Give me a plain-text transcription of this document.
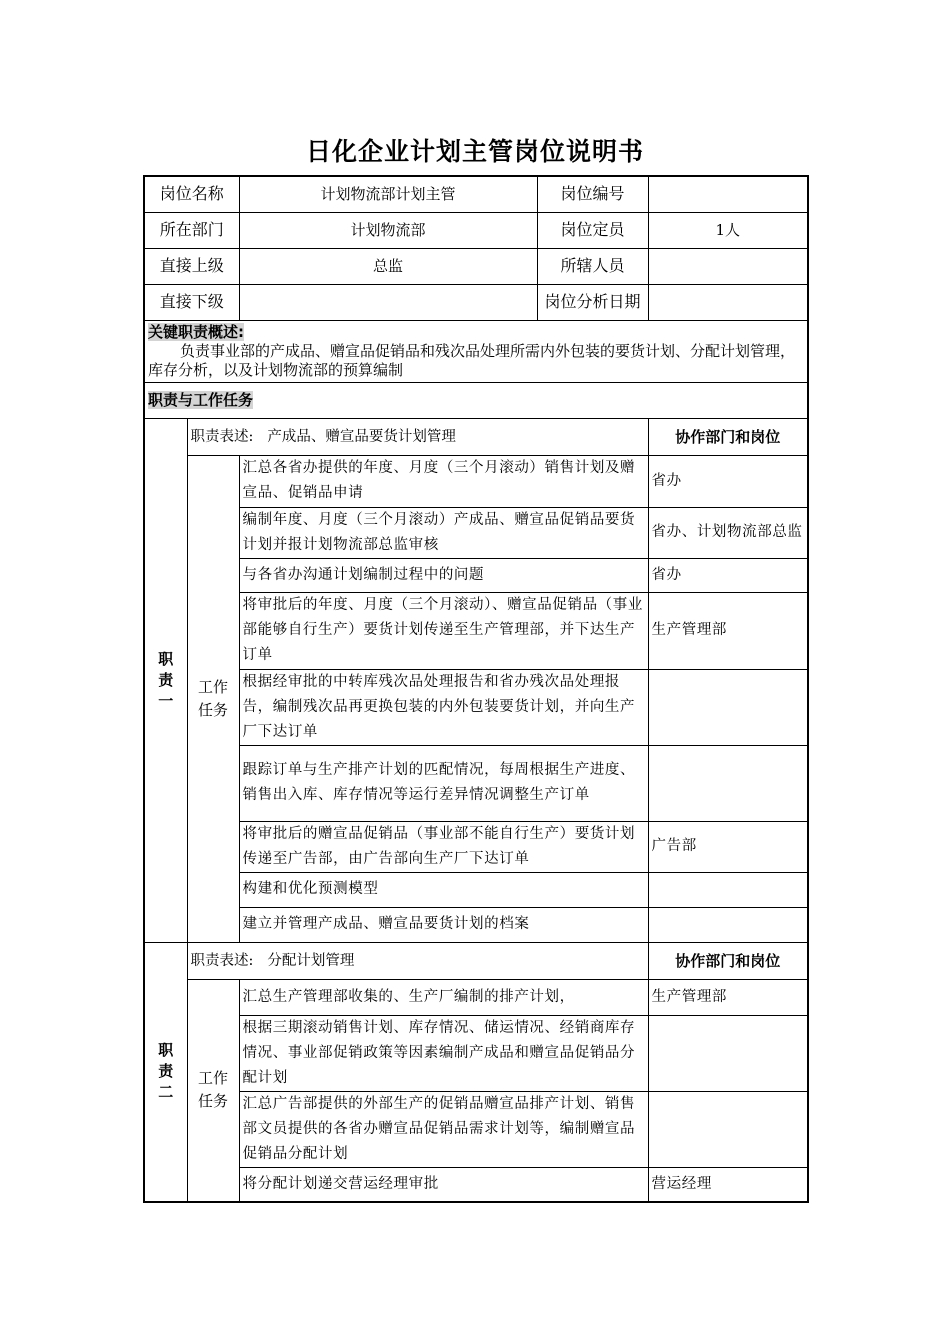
日化企业计划主管岗位说明书
岗位名称		计划物流部计划主管	岗位编号	
所在部门		计划物流部	岗位定员	1人
直接上级		总监	所辖人员	
直接下级			岗位分析日期	

关键职责概述:
负责事业部的产成品、赠宣品促销品和残次品处理所需内外包装的要货计划、分配计划管理，库存分析，以及计划物流部的预算编制				

职责与工作任务				

职
责
一	职责表述: 产成品、赠宣品要货计划管理			协作部门和岗位

	工作
任务	汇总各省办提供的年度、月度（三个月滚动）销售计划及赠宣品、促销品申请		省办
		编制年度、月度（三个月滚动）产成品、赠宣品促销品要货计划并报计划物流部总监审核		省办、计划物流部总监
		与各省办沟通计划编制过程中的问题		省办
		将审批后的年度、月度（三个月滚动）、赠宣品促销品（事业部能够自行生产）要货计划传递至生产管理部，并下达生产订单		生产管理部
		根据经审批的中转库残次品处理报告和省办残次品处理报告，编制残次品再更换包装的内外包装要货计划，并向生产厂下达订单		
		跟踪订单与生产排产计划的匹配情况，每周根据生产进度、销售出入库、库存情况等运行差异情况调整生产订单		
		将审批后的赠宣品促销品（事业部不能自行生产）要货计划传递至广告部，由广告部向生产厂下达订单		广告部
		构建和优化预测模型		
		建立并管理产成品、赠宣品要货计划的档案		

职
责
二	职责表述: 分配计划管理			协作部门和岗位

	工作
任务	汇总生产管理部收集的、生产厂编制的排产计划，		生产管理部
		根据三期滚动销售计划、库存情况、储运情况、经销商库存情况、事业部促销政策等因素编制产成品和赠宣品促销品分配计划		
		汇总广告部提供的外部生产的促销品赠宣品排产计划、销售部文员提供的各省办赠宣品促销品需求计划等，编制赠宣品促销品分配计划		
		将分配计划递交营运经理审批		营运经理
